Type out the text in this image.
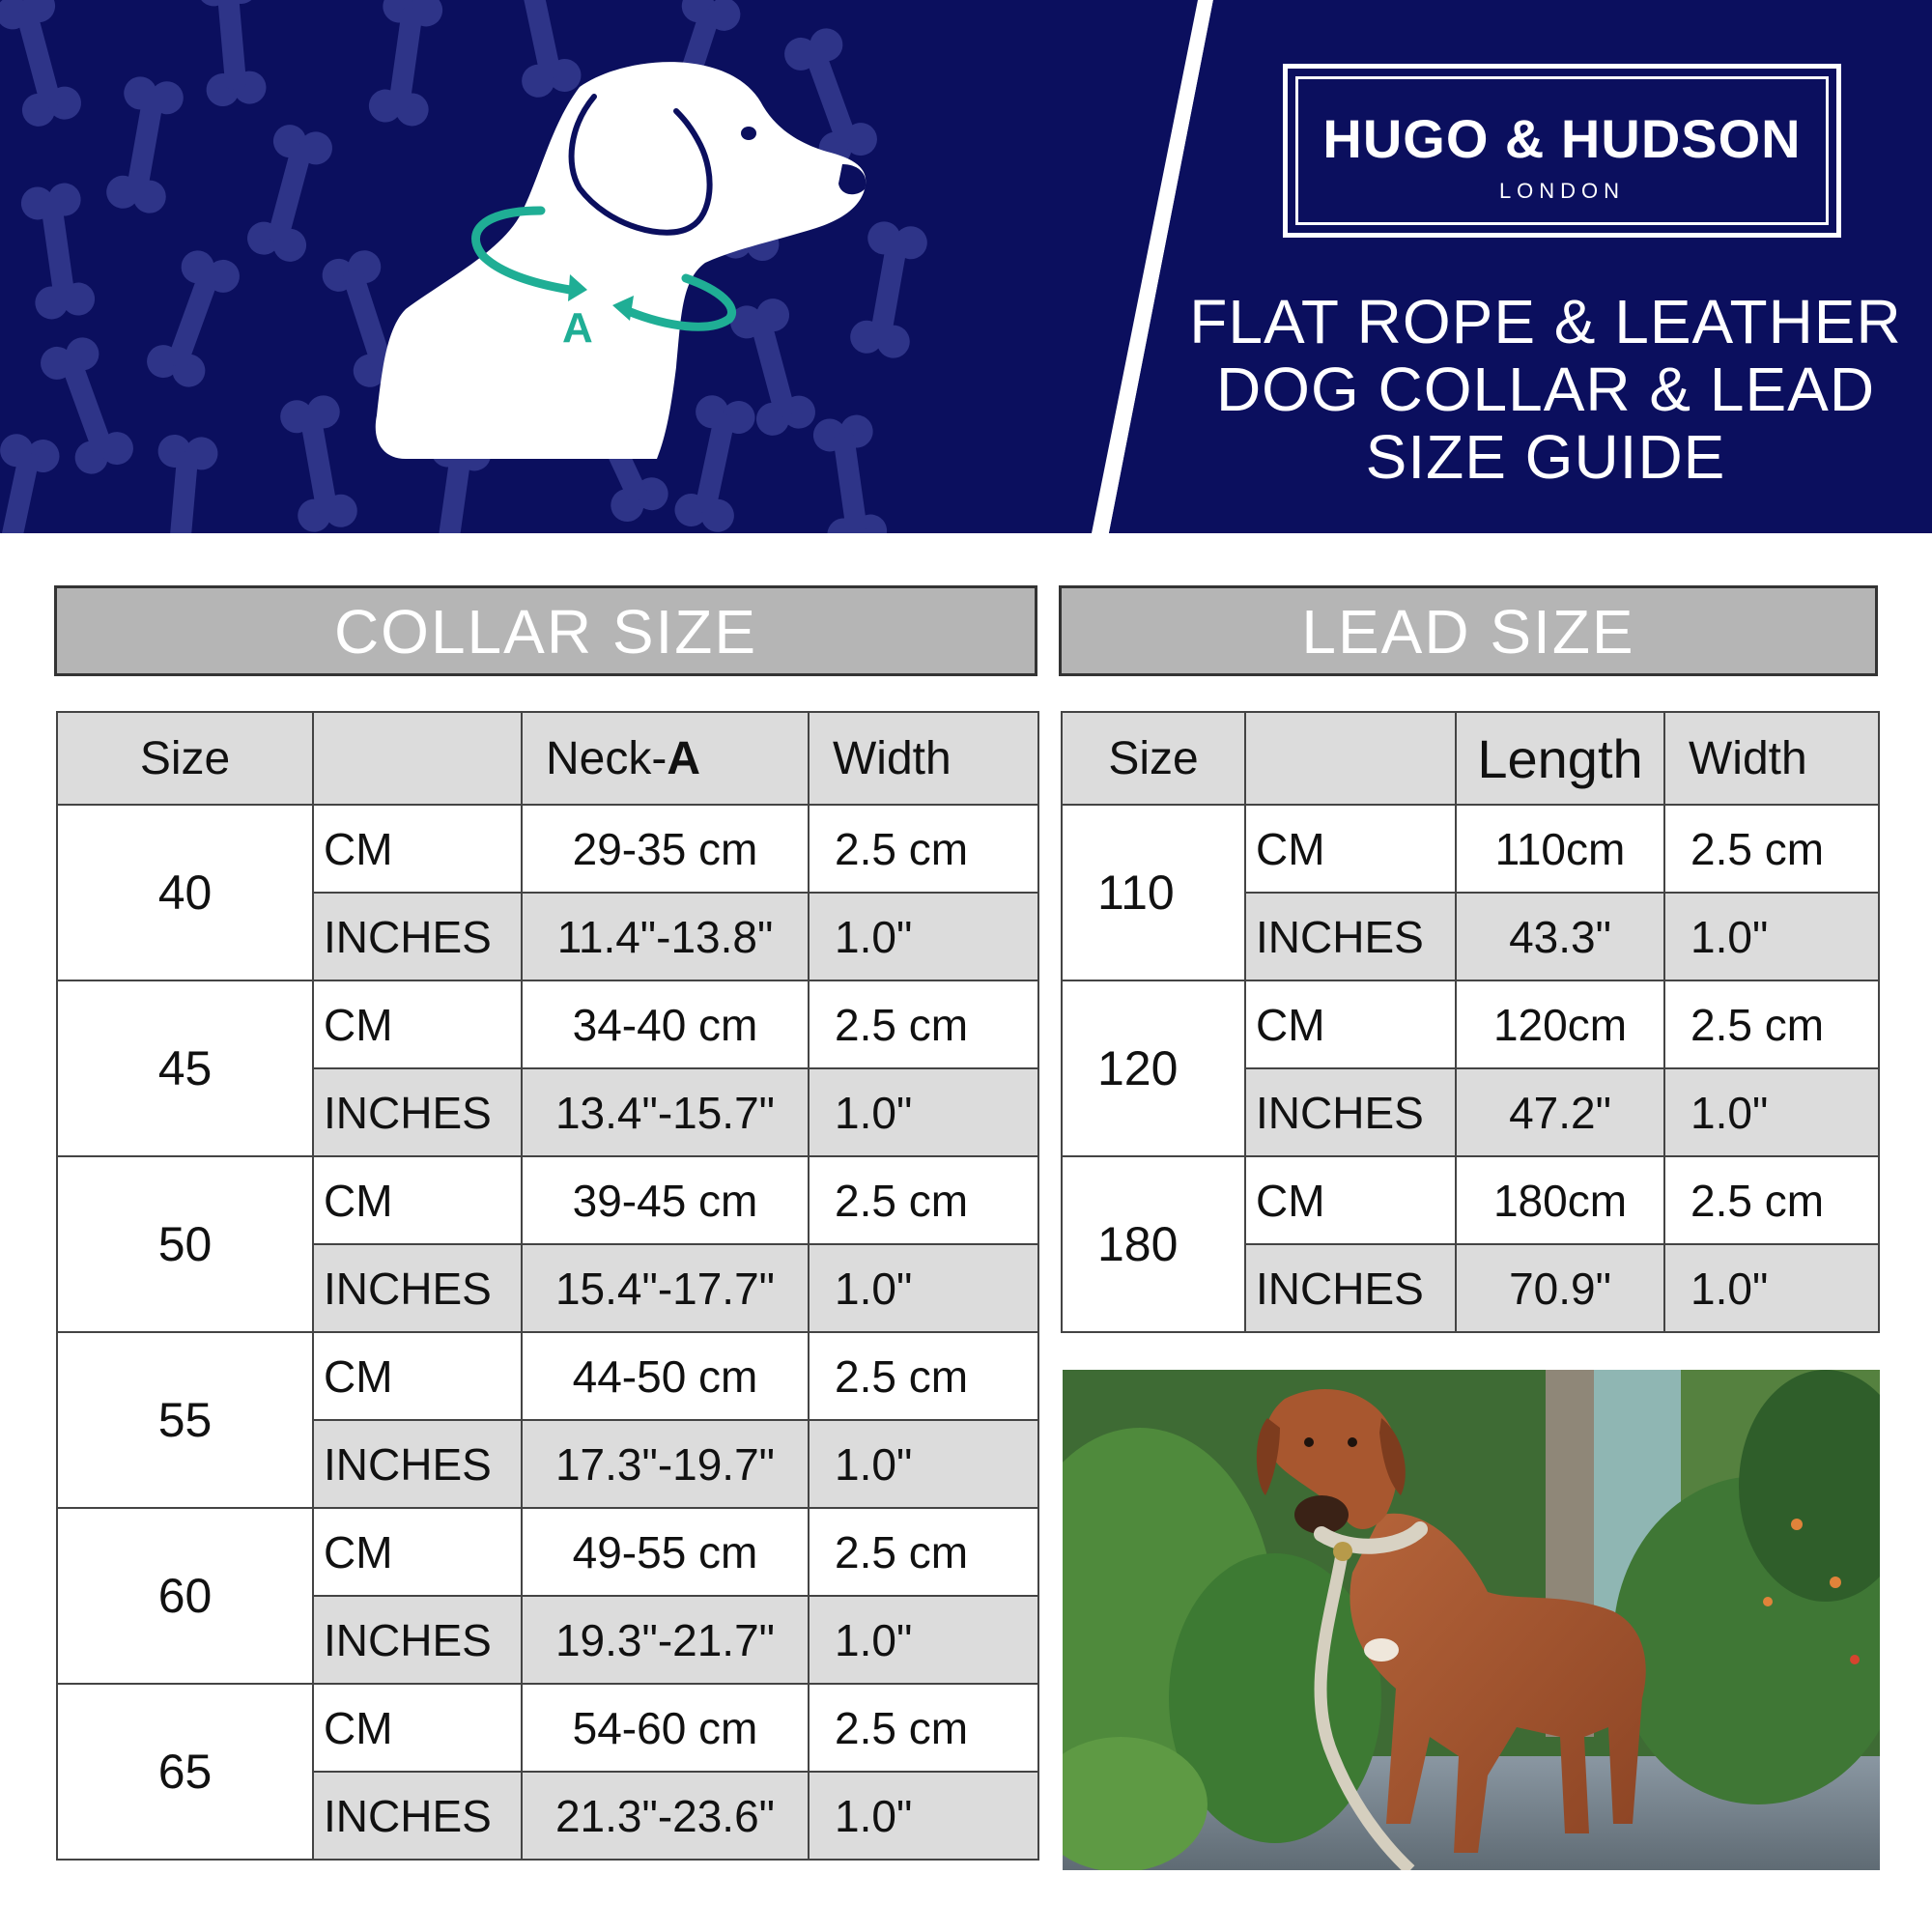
A
HUGO & HUDSON
LONDON
FLAT ROPE & LEATHER
DOG COLLAR & LEAD
SIZE GUIDE
COLLAR SIZE	LEAD SIZE
Size		Neck-A	Width
40	CM	29-35 cm	2.5 cm
	INCHES	11.4"-13.8"	1.0"
45	CM	34-40 cm	2.5 cm
	INCHES	13.4"-15.7"	1.0"
50	CM	39-45 cm	2.5 cm
	INCHES	15.4"-17.7"	1.0"
55	CM	44-50 cm	2.5 cm
	INCHES	17.3"-19.7"	1.0"
60	CM	49-55 cm	2.5 cm
	INCHES	19.3"-21.7"	1.0"
65	CM	54-60 cm	2.5 cm
	INCHES	21.3"-23.6"	1.0"
Size		Length	Width
110	CM	110cm	2.5 cm
	INCHES	43.3"	1.0"
120	CM	120cm	2.5 cm
	INCHES	47.2"	1.0"
180	CM	180cm	2.5 cm
	INCHES	70.9"	1.0"
